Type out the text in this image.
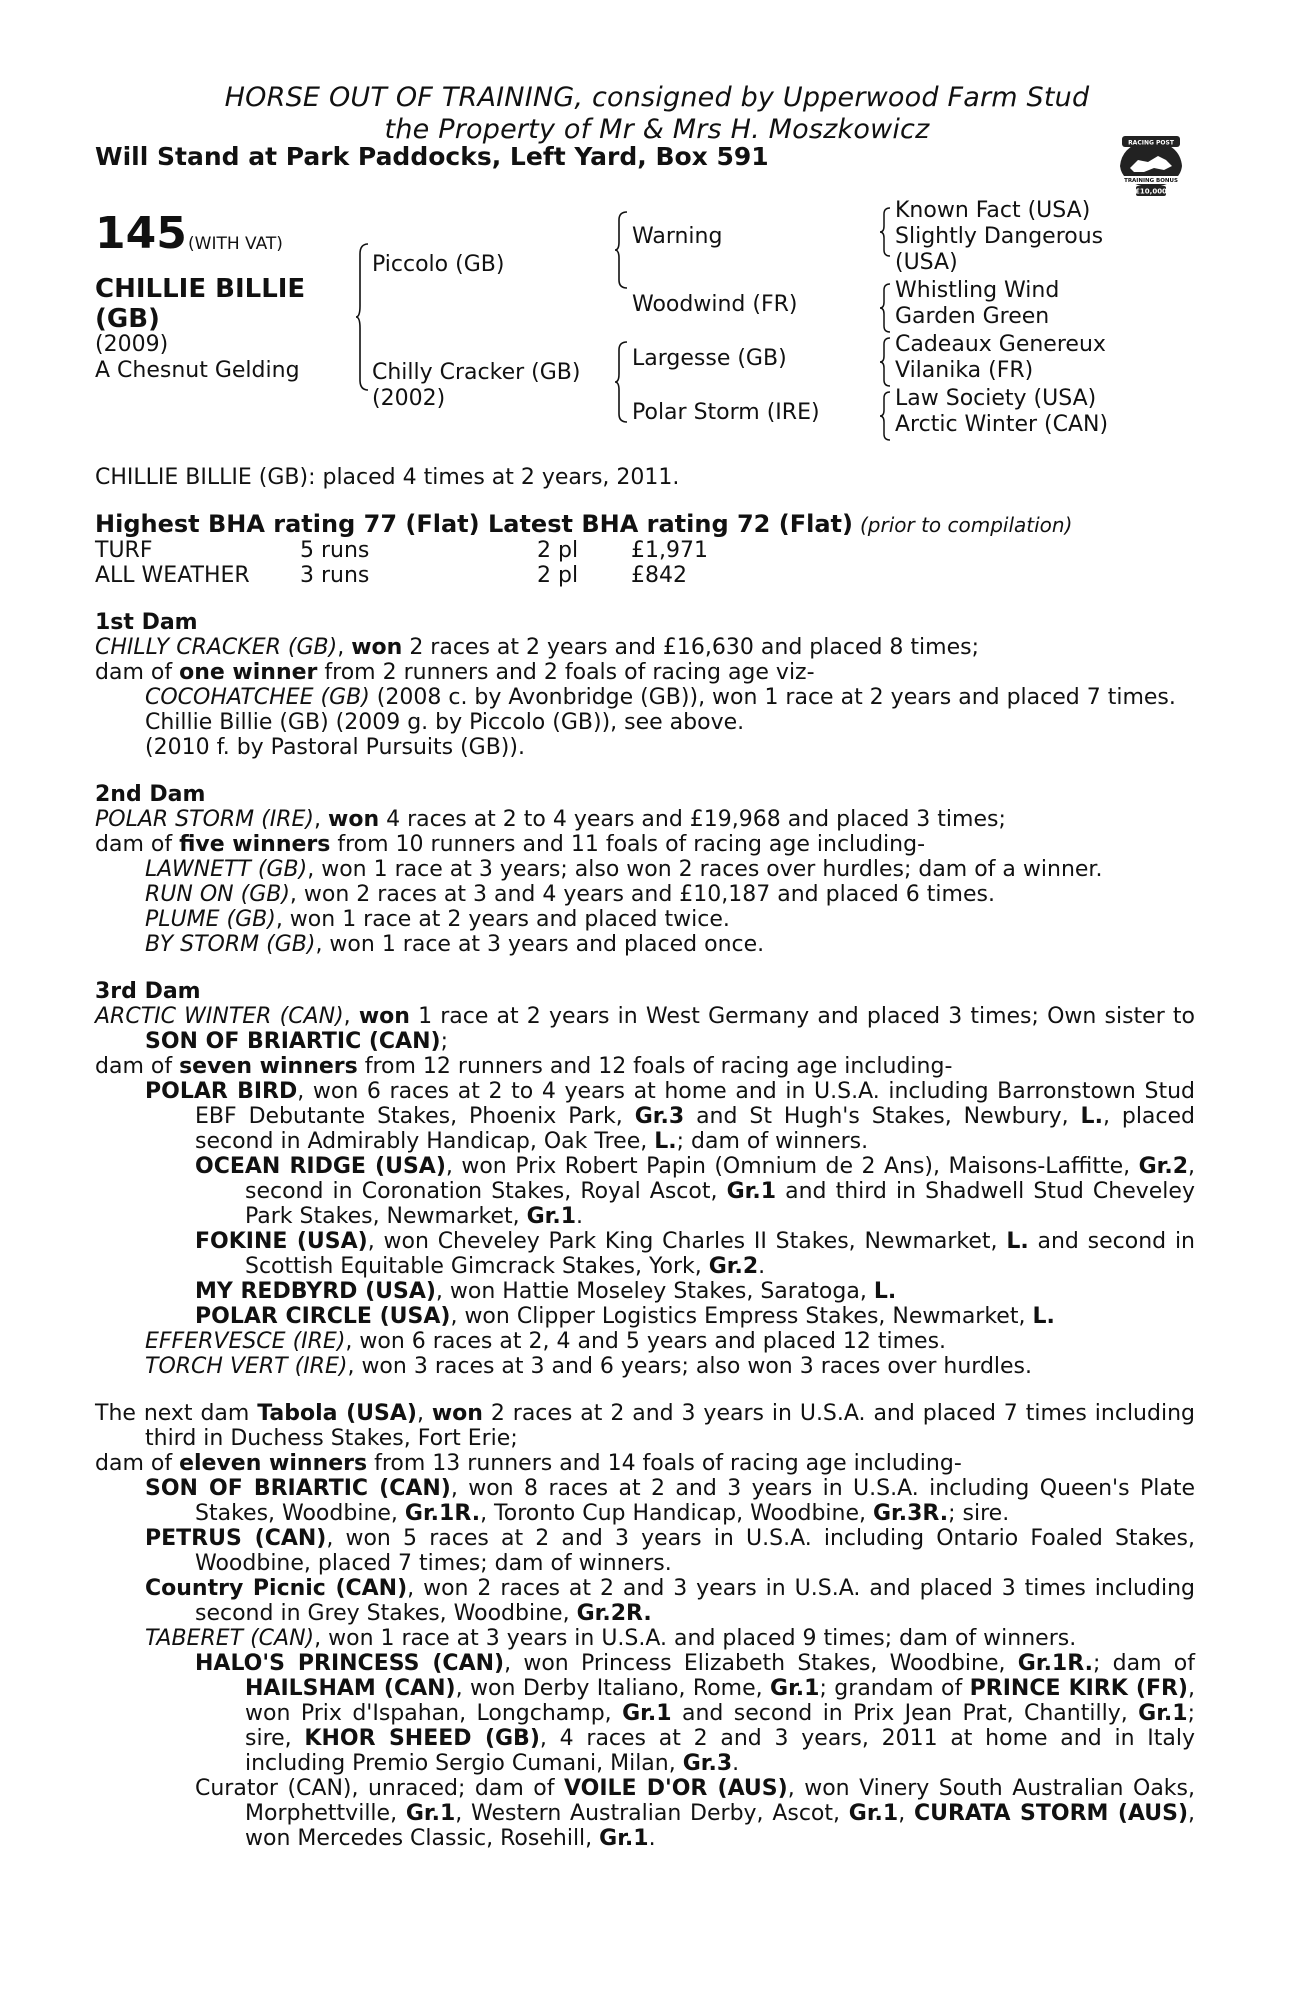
HORSE OUT OF TRAINING, consigned by Upperwood Farm Stud
the Property of Mr & Mrs H. Moszkowicz
Will Stand at Park Paddocks, Left Yard, Box 591	RACING POST
TRAINING BONUS
£10,000
145 (WITH VAT)
CHILLIE BILLIE (GB)
(2009)
A Chesnut Gelding
Piccolo (GB)
Chilly Cracker (GB)
(2002)
Warning
Woodwind (FR)
Largesse (GB)
Polar Storm (IRE)
Known Fact (USA)
Slightly Dangerous
(USA)
Whistling Wind
Garden Green
Cadeaux Genereux
Vilanika (FR)
Law Society (USA)
Arctic Winter (CAN)
CHILLIE BILLIE (GB): placed 4 times at 2 years, 2011.
Highest BHA rating 77 (Flat) Latest BHA rating 72 (Flat) (prior to compilation)
TURF	5 runs	2 pl £1,971
ALL WEATHER 3 runs	2 pl £842
1st Dam
CHILLY CRACKER (GB), won 2 races at 2 years and £16,630 and placed 8 times;
dam of one winner from 2 runners and 2 foals of racing age viz-
COCOHATCHEE (GB) (2008 c. by Avonbridge (GB)), won 1 race at 2 years and placed 7 times.
Chillie Billie (GB) (2009 g. by Piccolo (GB)), see above.
(2010 f. by Pastoral Pursuits (GB)).
2nd Dam
POLAR STORM (IRE), won 4 races at 2 to 4 years and £19,968 and placed 3 times;
dam of five winners from 10 runners and 11 foals of racing age including-
LAWNETT (GB), won 1 race at 3 years; also won 2 races over hurdles; dam of a winner.
RUN ON (GB), won 2 races at 3 and 4 years and £10,187 and placed 6 times.
PLUME (GB), won 1 race at 2 years and placed twice.
BY STORM (GB), won 1 race at 3 years and placed once.
3rd Dam
ARCTIC WINTER (CAN), won 1 race at 2 years in West Germany and placed 3 times; Own sister to SON OF BRIARTIC (CAN);
dam of seven winners from 12 runners and 12 foals of racing age including-
POLAR BIRD, won 6 races at 2 to 4 years at home and in U.S.A. including Barronstown Stud EBF Debutante Stakes, Phoenix Park, Gr.3 and St Hugh's Stakes, Newbury, L., placed second in Admirably Handicap, Oak Tree, L.; dam of winners.
OCEAN RIDGE (USA), won Prix Robert Papin (Omnium de 2 Ans), Maisons-Laffitte, Gr.2, second in Coronation Stakes, Royal Ascot, Gr.1 and third in Shadwell Stud Cheveley Park Stakes, Newmarket, Gr.1.
FOKINE (USA), won Cheveley Park King Charles II Stakes, Newmarket, L. and second in Scottish Equitable Gimcrack Stakes, York, Gr.2.
MY REDBYRD (USA), won Hattie Moseley Stakes, Saratoga, L.
POLAR CIRCLE (USA), won Clipper Logistics Empress Stakes, Newmarket, L.
EFFERVESCE (IRE), won 6 races at 2, 4 and 5 years and placed 12 times.
TORCH VERT (IRE), won 3 races at 3 and 6 years; also won 3 races over hurdles.
The next dam Tabola (USA), won 2 races at 2 and 3 years in U.S.A. and placed 7 times including third in Duchess Stakes, Fort Erie;
dam of eleven winners from 13 runners and 14 foals of racing age including-
SON OF BRIARTIC (CAN), won 8 races at 2 and 3 years in U.S.A. including Queen's Plate Stakes, Woodbine, Gr.1R., Toronto Cup Handicap, Woodbine, Gr.3R.; sire.
PETRUS (CAN), won 5 races at 2 and 3 years in U.S.A. including Ontario Foaled Stakes, Woodbine, placed 7 times; dam of winners.
Country Picnic (CAN), won 2 races at 2 and 3 years in U.S.A. and placed 3 times including second in Grey Stakes, Woodbine, Gr.2R.
TABERET (CAN), won 1 race at 3 years in U.S.A. and placed 9 times; dam of winners.
HALO'S PRINCESS (CAN), won Princess Elizabeth Stakes, Woodbine, Gr.1R.; dam of HAILSHAM (CAN), won Derby Italiano, Rome, Gr.1; grandam of PRINCE KIRK (FR), won Prix d'Ispahan, Longchamp, Gr.1 and second in Prix Jean Prat, Chantilly, Gr.1; sire, KHOR SHEED (GB), 4 races at 2 and 3 years, 2011 at home and in Italy including Premio Sergio Cumani, Milan, Gr.3.
Curator (CAN), unraced; dam of VOILE D'OR (AUS), won Vinery South Australian Oaks, Morphettville, Gr.1, Western Australian Derby, Ascot, Gr.1, CURATA STORM (AUS), won Mercedes Classic, Rosehill, Gr.1.
